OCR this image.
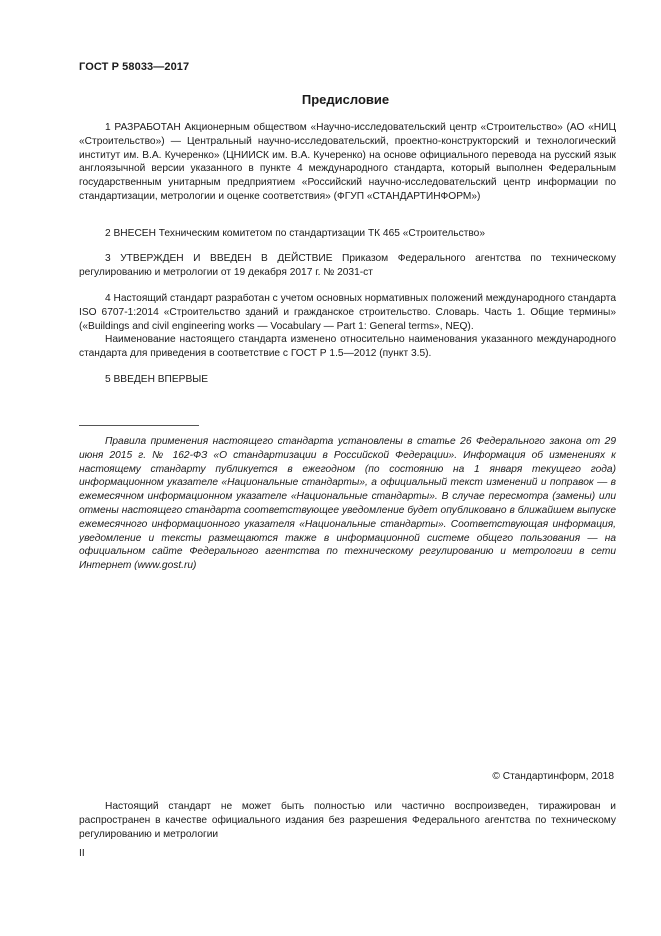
ГОСТ Р 58033—2017
Предисловие

1 РАЗРАБОТАН Акционерным обществом «Научно-исследовательский центр «Строительство» (АО «НИЦ «Строительство») — Центральный научно-исследовательский, проектно-конструкторский и технологический институт им. В.А. Кучеренко» (ЦНИИСК им. В.А. Кучеренко) на основе официального перевода на русский язык англоязычной версии указанного в пункте 4 международного стандарта, который выполнен Федеральным государственным унитарным предприятием «Российский научно-исследовательский центр информации по стандартизации, метрологии и оценке соответствия» (ФГУП «СТАНДАРТИНФОРМ»)

2 ВНЕСЕН Техническим комитетом по стандартизации ТК 465 «Строительство»

3 УТВЕРЖДЕН И ВВЕДЕН В ДЕЙСТВИЕ Приказом Федерального агентства по техническому регулированию и метрологии от 19 декабря 2017 г. № 2031-ст

4 Настоящий стандарт разработан с учетом основных нормативных положений международного стандарта ISO 6707-1:2014 «Строительство зданий и гражданское строительство. Словарь. Часть 1. Общие термины» («Buildings and civil engineering works — Vocabulary — Part 1: General terms», NEQ).

Наименование настоящего стандарта изменено относительно наименования указанного международного стандарта для приведения в соответствие с ГОСТ Р 1.5—2012 (пункт 3.5).

5 ВВЕДЕН ВПЕРВЫЕ

Правила применения настоящего стандарта установлены в статье 26 Федерального закона от 29 июня 2015 г. № 162-ФЗ «О стандартизации в Российской Федерации». Информация об изменениях к настоящему стандарту публикуется в ежегодном (по состоянию на 1 января текущего года) информационном указателе «Национальные стандарты», а официальный текст изменений и поправок — в ежемесячном информационном указателе «Национальные стандарты». В случае пересмотра (замены) или отмены настоящего стандарта соответствующее уведомление будет опубликовано в ближайшем выпуске ежемесячного информационного указателя «Национальные стандарты». Соответствующая информация, уведомление и тексты размещаются также в информационной системе общего пользования — на официальном сайте Федерального агентства по техническому регулированию и метрологии в сети Интернет (www.gost.ru)

© Стандартинформ, 2018

Настоящий стандарт не может быть полностью или частично воспроизведен, тиражирован и распространен в качестве официального издания без разрешения Федерального агентства по техническому регулированию и метрологии

II
